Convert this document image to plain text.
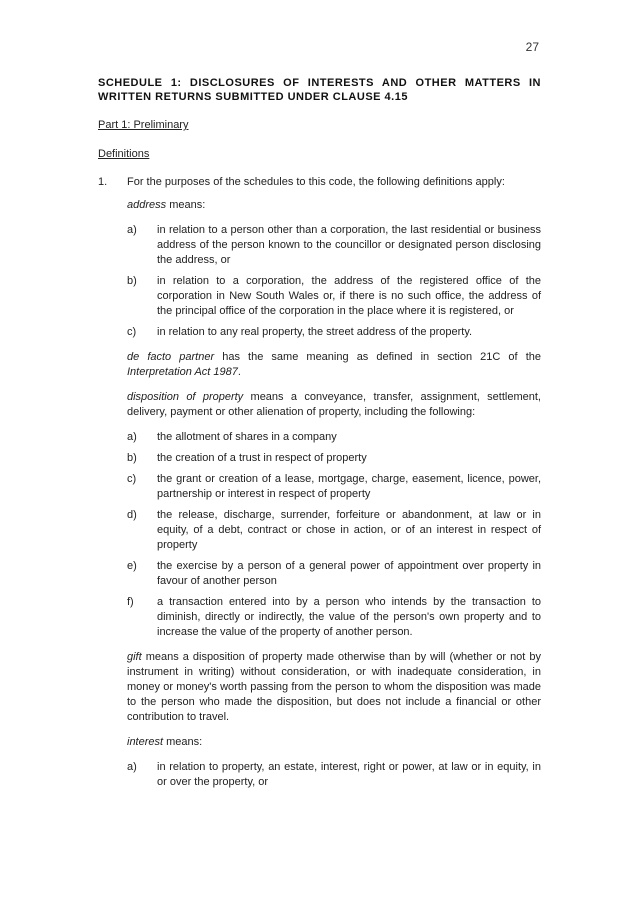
27
SCHEDULE 1: DISCLOSURES OF INTERESTS AND OTHER MATTERS IN WRITTEN RETURNS SUBMITTED UNDER CLAUSE 4.15
Part 1: Preliminary
Definitions
1. For the purposes of the schedules to this code, the following definitions apply:

address means:

a) in relation to a person other than a corporation, the last residential or business address of the person known to the councillor or designated person disclosing the address, or
b) in relation to a corporation, the address of the registered office of the corporation in New South Wales or, if there is no such office, the address of the principal office of the corporation in the place where it is registered, or
c) in relation to any real property, the street address of the property.

de facto partner has the same meaning as defined in section 21C of the Interpretation Act 1987.

disposition of property means a conveyance, transfer, assignment, settlement, delivery, payment or other alienation of property, including the following:

a) the allotment of shares in a company
b) the creation of a trust in respect of property
c) the grant or creation of a lease, mortgage, charge, easement, licence, power, partnership or interest in respect of property
d) the release, discharge, surrender, forfeiture or abandonment, at law or in equity, of a debt, contract or chose in action, or of an interest in respect of property
e) the exercise by a person of a general power of appointment over property in favour of another person
f) a transaction entered into by a person who intends by the transaction to diminish, directly or indirectly, the value of the person's own property and to increase the value of the property of another person.

gift means a disposition of property made otherwise than by will (whether or not by instrument in writing) without consideration, or with inadequate consideration, in money or money's worth passing from the person to whom the disposition was made to the person who made the disposition, but does not include a financial or other contribution to travel.

interest means:

a) in relation to property, an estate, interest, right or power, at law or in equity, in or over the property, or
